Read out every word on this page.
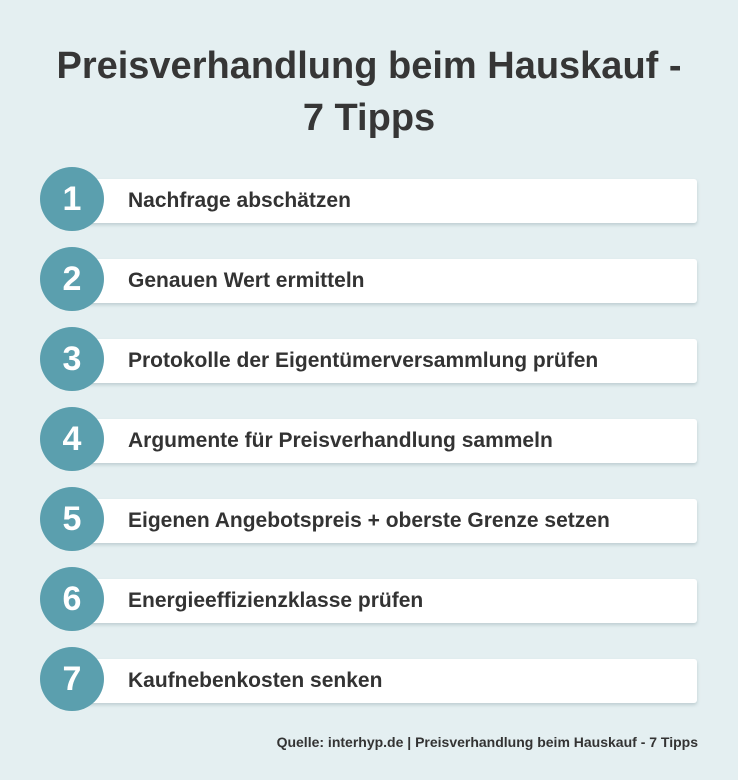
Preisverhandlung beim Hauskauf -
7 Tipps
1	Nachfrage abschätzen
2	Genauen Wert ermitteln
3	Protokolle der Eigentümerversammlung prüfen
4	Argumente für Preisverhandlung sammeln
5	Eigenen Angebotspreis + oberste Grenze setzen
6	Energieeffizienzklasse prüfen
7	Kaufnebenkosten senken
Quelle: interhyp.de | Preisverhandlung beim Hauskauf - 7 Tipps
